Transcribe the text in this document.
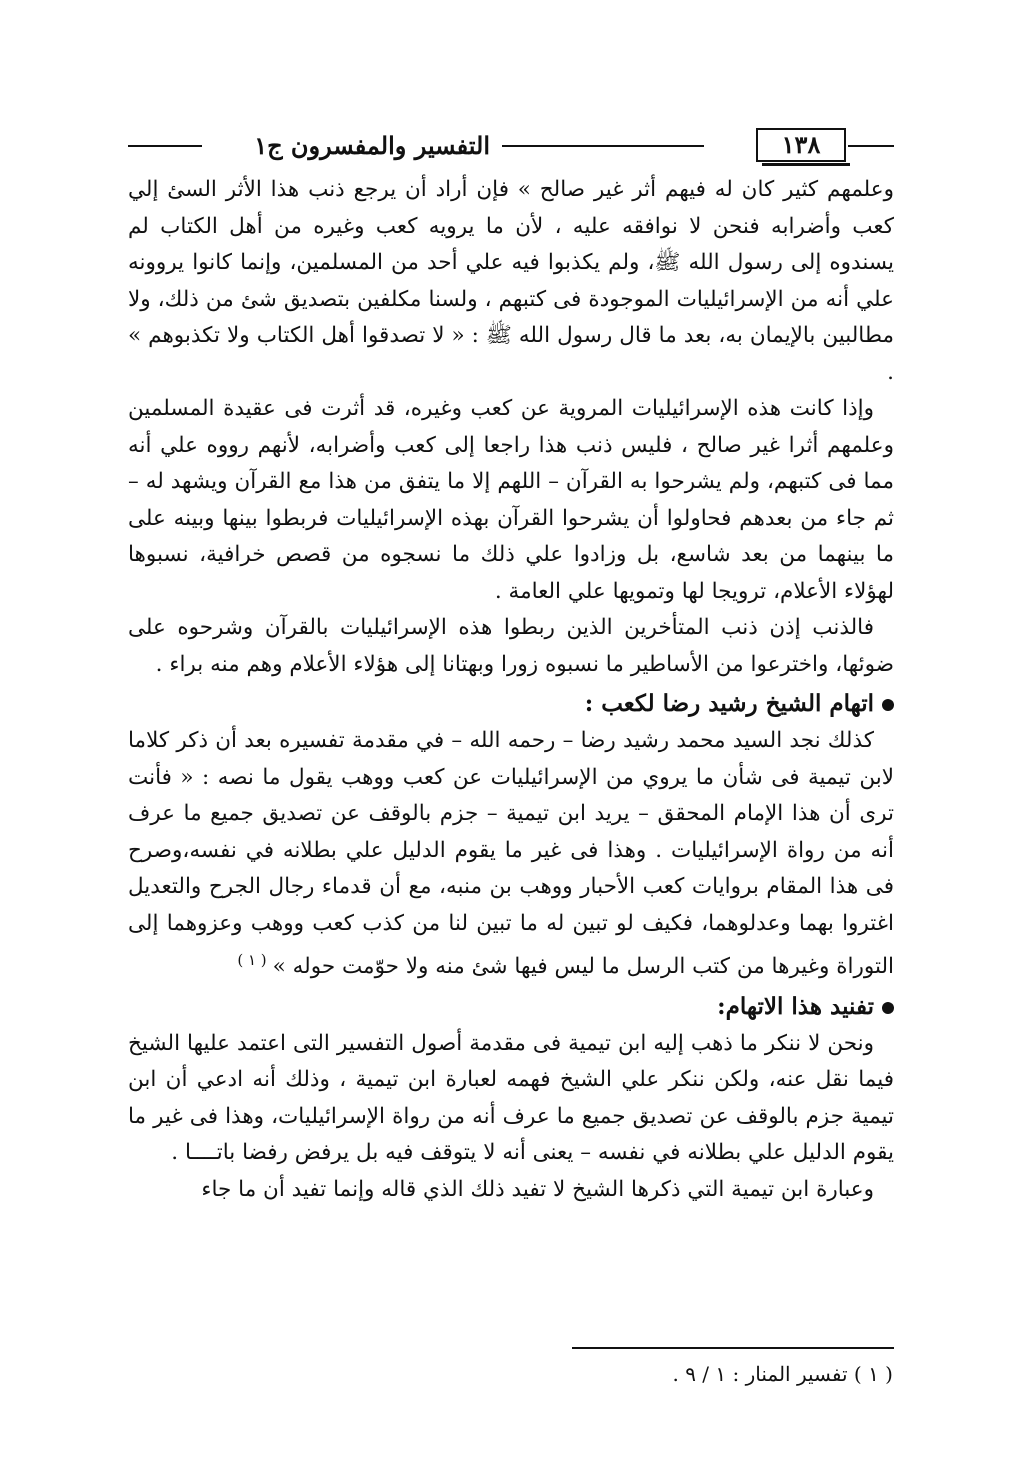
١٣٨
التفسير والمفسرون ج١

وعلمهم كثير كان له فيهم أثر غير صالح » فإن أراد أن يرجع ذنب هذا الأثر السئ إلي كعب وأضرابه فنحن لا نوافقه عليه ، لأن ما يرويه كعب وغيره من أهل الكتاب لم يسندوه إلى رسول الله ﷺ، ولم يكذبوا فيه علي أحد من المسلمين، وإنما كانوا يروونه علي أنه من الإسرائيليات الموجودة فى كتبهم ، ولسنا مكلفين بتصديق شئ من ذلك، ولا مطالبين بالإيمان به، بعد ما قال رسول الله ﷺ : « لا تصدقوا أهل الكتاب ولا تكذبوهم » .

وإذا كانت هذه الإسرائيليات المروية عن كعب وغيره، قد أثرت فى عقيدة المسلمين وعلمهم أثرا غير صالح ، فليس ذنب هذا راجعا إلى كعب وأضرابه، لأنهم رووه علي أنه مما فى كتبهم، ولم يشرحوا به القرآن – اللهم إلا ما يتفق من هذا مع القرآن ويشهد له – ثم جاء من بعدهم فحاولوا أن يشرحوا القرآن بهذه الإسرائيليات فربطوا بينها وبينه على ما بينهما من بعد شاسع، بل وزادوا علي ذلك ما نسجوه من قصص خرافية، نسبوها لهؤلاء الأعلام، ترويجا لها وتمويها علي العامة .

فالذنب إذن ذنب المتأخرين الذين ربطوا هذه الإسرائيليات بالقرآن وشرحوه على ضوئها، واخترعوا من الأساطير ما نسبوه زورا وبهتانا إلى هؤلاء الأعلام وهم منه براء .

اتهام الشيخ رشيد رضا لكعب :

كذلك نجد السيد محمد رشيد رضا – رحمه الله – في مقدمة تفسيره بعد أن ذكر كلاما لابن تيمية فى شأن ما يروي من الإسرائيليات عن كعب ووهب يقول ما نصه : « فأنت ترى أن هذا الإمام المحقق – يريد ابن تيمية – جزم بالوقف عن تصديق جميع ما عرف أنه من رواة الإسرائيليات . وهذا فى غير ما يقوم الدليل علي بطلانه في نفسه،وصرح فى هذا المقام بروايات كعب الأحبار ووهب بن منبه، مع أن قدماء رجال الجرح والتعديل اغتروا بهما وعدلوهما، فكيف لو تبين له ما تبين لنا من كذب كعب ووهب وعزوهما إلى التوراة وغيرها من كتب الرسل ما ليس فيها شئ منه ولا حوّمت حوله »$^{( ١ )}$

تفنيد هذا الاتهام:

ونحن لا ننكر ما ذهب إليه ابن تيمية فى مقدمة أصول التفسير التى اعتمد عليها الشيخ فيما نقل عنه، ولكن ننكر علي الشيخ فهمه لعبارة ابن تيمية ، وذلك أنه ادعي أن ابن تيمية جزم بالوقف عن تصديق جميع ما عرف أنه من رواة الإسرائيليات، وهذا فى غير ما يقوم الدليل علي بطلانه في نفسه – يعنى أنه لا يتوقف فيه بل يرفض رفضا باتــــا .

وعبارة ابن تيمية التي ذكرها الشيخ لا تفيد ذلك الذي قاله وإنما تفيد أن ما جاء

( ١ ) تفسير المنار : ١ / ٩ .
